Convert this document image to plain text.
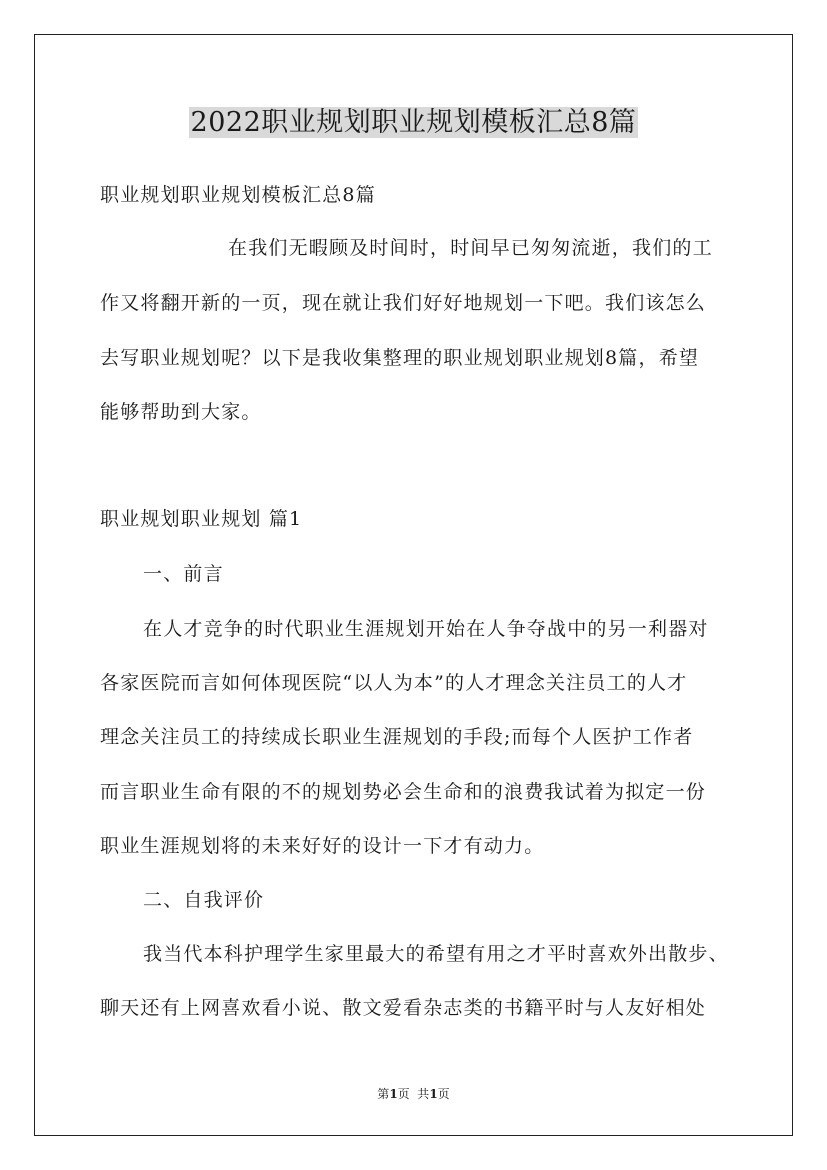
2022职业规划职业规划模板汇总8篇
职业规划职业规划模板汇总8篇
在我们无暇顾及时间时，时间早已匆匆流逝，我们的工
作又将翻开新的一页，现在就让我们好好地规划一下吧。我们该怎么
去写职业规划呢？以下是我收集整理的职业规划职业规划8篇，希望
能够帮助到大家。
职业规划职业规划 篇1
一、前言
在人才竞争的时代职业生涯规划开始在人争夺战中的另一利器对
各家医院而言如何体现医院“以人为本”的人才理念关注员工的人才
理念关注员工的持续成长职业生涯规划的手段;而每个人医护工作者
而言职业生命有限的不的规划势必会生命和的浪费我试着为拟定一份
职业生涯规划将的未来好好的设计一下才有动力。
二、自我评价
我当代本科护理学生家里最大的希望有用之才平时喜欢外出散步、
聊天还有上网喜欢看小说、散文爱看杂志类的书籍平时与人友好相处
第1页  共1页
